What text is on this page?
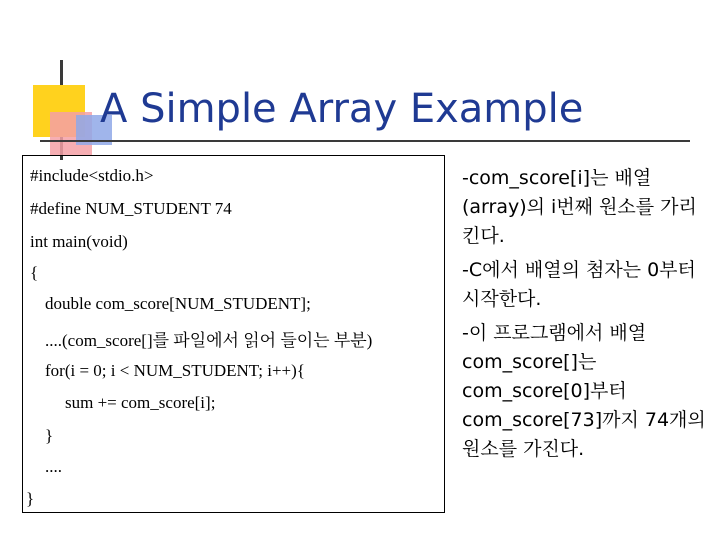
A Simple Array Example
#include<stdio.h>
#define NUM_STUDENT 74
int main(void)
{
double com_score[NUM_STUDENT];
....(com_score[]를 파일에서 읽어 들이는 부분)
for(i = 0; i < NUM_STUDENT; i++){
sum += com_score[i];
}
....
}

-com_score[i]는 배열(array)의 i번째 원소를 가리킨다.

-C에서 배열의 첨자는 0부터 시작한다.

-이 프로그램에서 배열 com_score[]는 com_score[0]부터 com_score[73]까지 74개의 원소를 가진다.
